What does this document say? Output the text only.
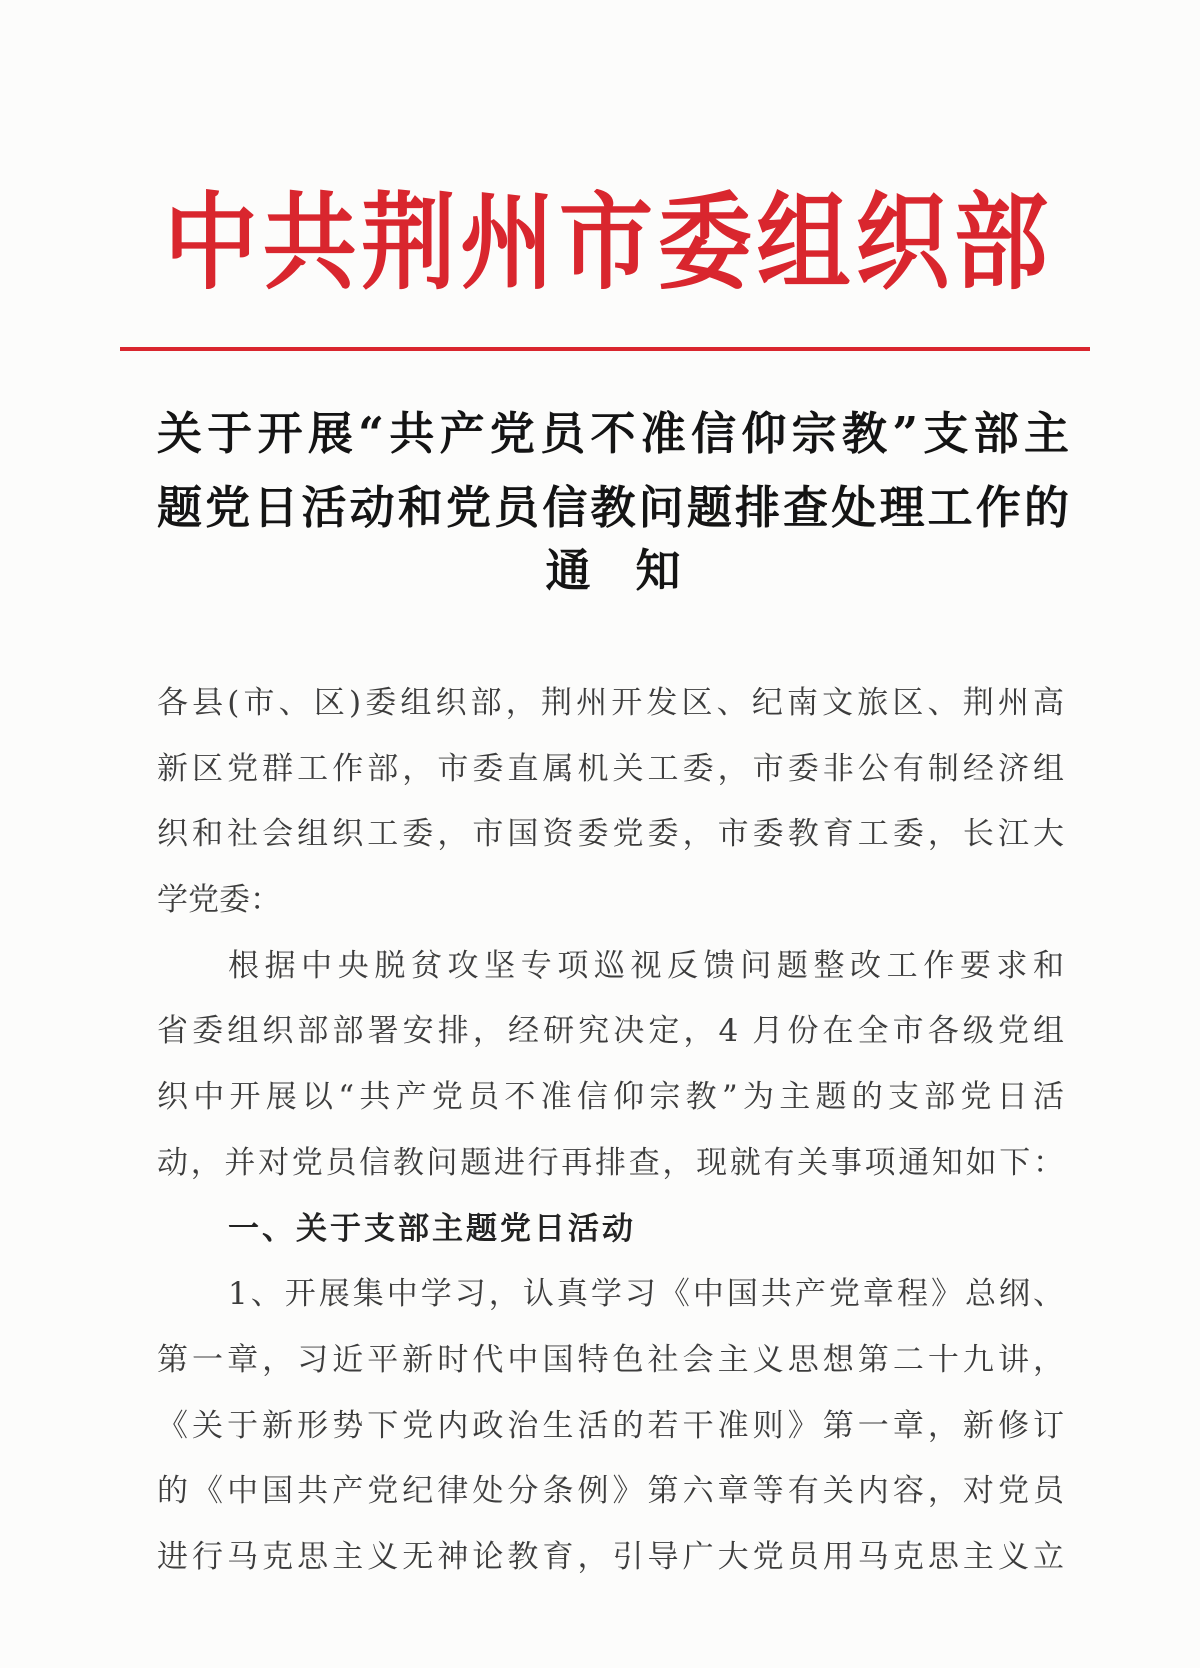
中共荆州市委组织部
关于开展“共产党员不准信仰宗教”支部主
题党日活动和党员信教问题排查处理工作的
通　知
各县(市、区)委组织部，荆州开发区、纪南文旅区、荆州高
新区党群工作部，市委直属机关工委，市委非公有制经济组
织和社会组织工委，市国资委党委，市委教育工委，长江大
学党委：
根据中央脱贫攻坚专项巡视反馈问题整改工作要求和
省委组织部部署安排，经研究决定，4 月份在全市各级党组
织中开展以“共产党员不准信仰宗教”为主题的支部党日活
动，并对党员信教问题进行再排查，现就有关事项通知如下：
一、关于支部主题党日活动
1、开展集中学习，认真学习《中国共产党章程》总纲、
第一章，习近平新时代中国特色社会主义思想第二十九讲，
《关于新形势下党内政治生活的若干准则》第一章，新修订
的《中国共产党纪律处分条例》第六章等有关内容，对党员
进行马克思主义无神论教育，引导广大党员用马克思主义立
